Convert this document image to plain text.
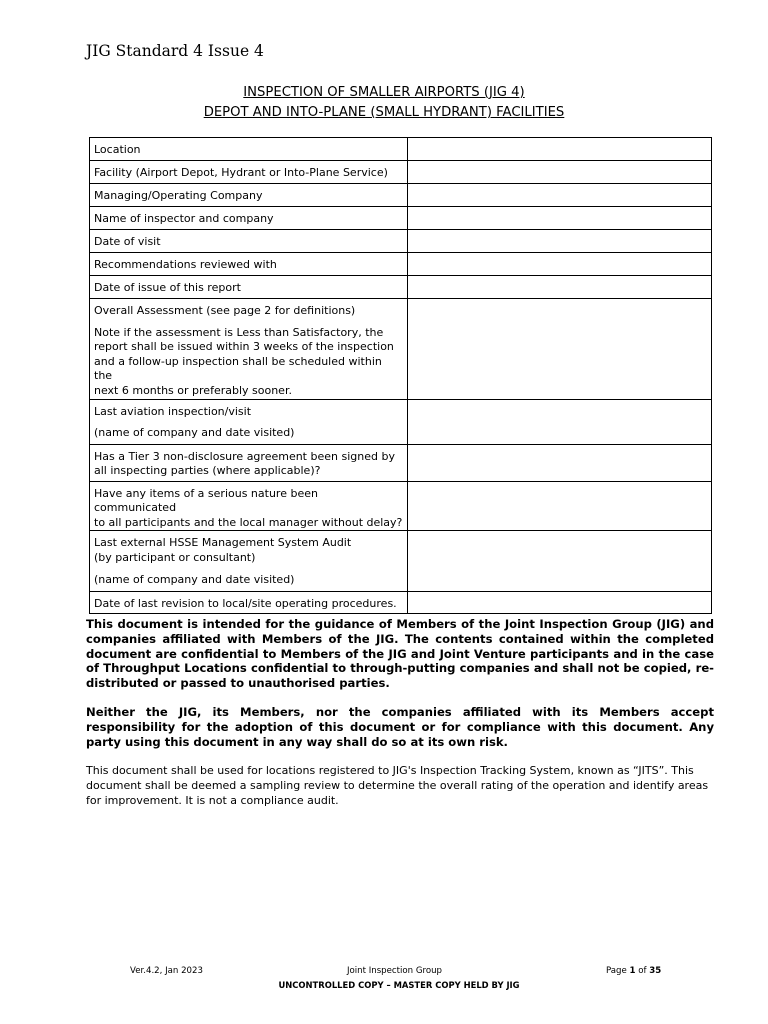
JIG Standard 4 Issue 4
INSPECTION OF SMALLER AIRPORTS (JIG 4)
DEPOT AND INTO-PLANE (SMALL HYDRANT) FACILITIES
Location	

Facility (Airport Depot, Hydrant or Into-Plane Service)	

Managing/Operating Company	

Name of inspector and company	

Date of visit	

Recommendations reviewed with	

Date of issue of this report	

Overall Assessment (see page 2 for definitions)
Note if the assessment is Less than Satisfactory, the
report shall be issued within 3 weeks of the inspection
and a follow-up inspection shall be scheduled within the
next 6 months or preferably sooner.	

Last aviation inspection/visit
(name of company and date visited)	

Has a Tier 3 non-disclosure agreement been signed by
all inspecting parties (where applicable)?	

Have any items of a serious nature been communicated
to all participants and the local manager without delay?	

Last external HSSE Management System Audit
(by participant or consultant)
(name of company and date visited)	

Date of last revision to local/site operating procedures.	

This document is intended for the guidance of Members of the Joint Inspection Group (JIG) and companies affiliated with Members of the JIG. The contents contained within the completed document are confidential to Members of the JIG and Joint Venture participants and in the case of Throughput Locations confidential to through-putting companies and shall not be copied, re-distributed or passed to unauthorised parties.

Neither the JIG, its Members, nor the companies affiliated with its Members accept responsibility for the adoption of this document or for compliance with this document. Any party using this document in any way shall do so at its own risk.

This document shall be used for locations registered to JIG's Inspection Tracking System, known as “JITS”. This document shall be deemed a sampling review to determine the overall rating of the operation and identify areas for improvement. It is not a compliance audit.

Ver.4.2, Jan 2023	Joint Inspection Group	Page 1 of 35
UNCONTROLLED COPY – MASTER COPY HELD BY JIG
